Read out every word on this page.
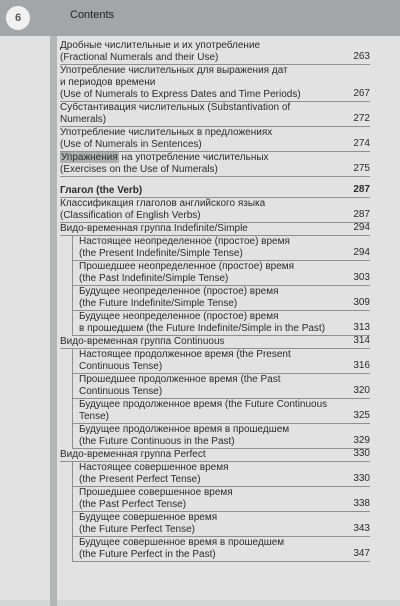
6	Contents
Дробные числительные и их употребление
(Fractional Numerals and their Use)	263
Употребление числительных для выражения дат
и периодов времени
(Use of Numerals to Express Dates and Time Periods)	267
Субстантивация числительных (Substantivation of Numerals)	272
Употребление числительных в предложениях
(Use of Numerals in Sentences)	274
Упражнения на употребление числительных
(Exercises on the Use of Numerals)	275
Глагол (the Verb)	287
Классификация глаголов английского языка
(Classification of English Verbs)	287
Видо-временная группа Indefinite/Simple	294
Настоящее неопределенное (простое) время
(the Present Indefinite/Simple Tense)	294
Прошедшее неопределенное (простое) время
(the Past Indefinite/Simple Tense)	303
Будущее неопределенное (простое) время
(the Future Indefinite/Simple Tense)	309
Будущее неопределенное (простое) время
в прошедшем (the Future Indefinite/Simple in the Past)	313
Видо-временная группа Continuous	314
Настоящее продолженное время (the Present
Continuous Tense)	316
Прошедшее продолженное время (the Past
Continuous Tense)	320
Будущее продолженное время (the Future Continuous
Tense)	325
Будущее продолженное время в прошедшем
(the Future Continuous in the Past)	329
Видо-временная группа Perfect	330
Настоящее совершенное время
(the Present Perfect Tense)	330
Прошедшее совершенное время
(the Past Perfect Tense)	338
Будущее совершенное время
(the Future Perfect Tense)	343
Будущее совершенное время в прошедшем
(the Future Perfect in the Past)	347
